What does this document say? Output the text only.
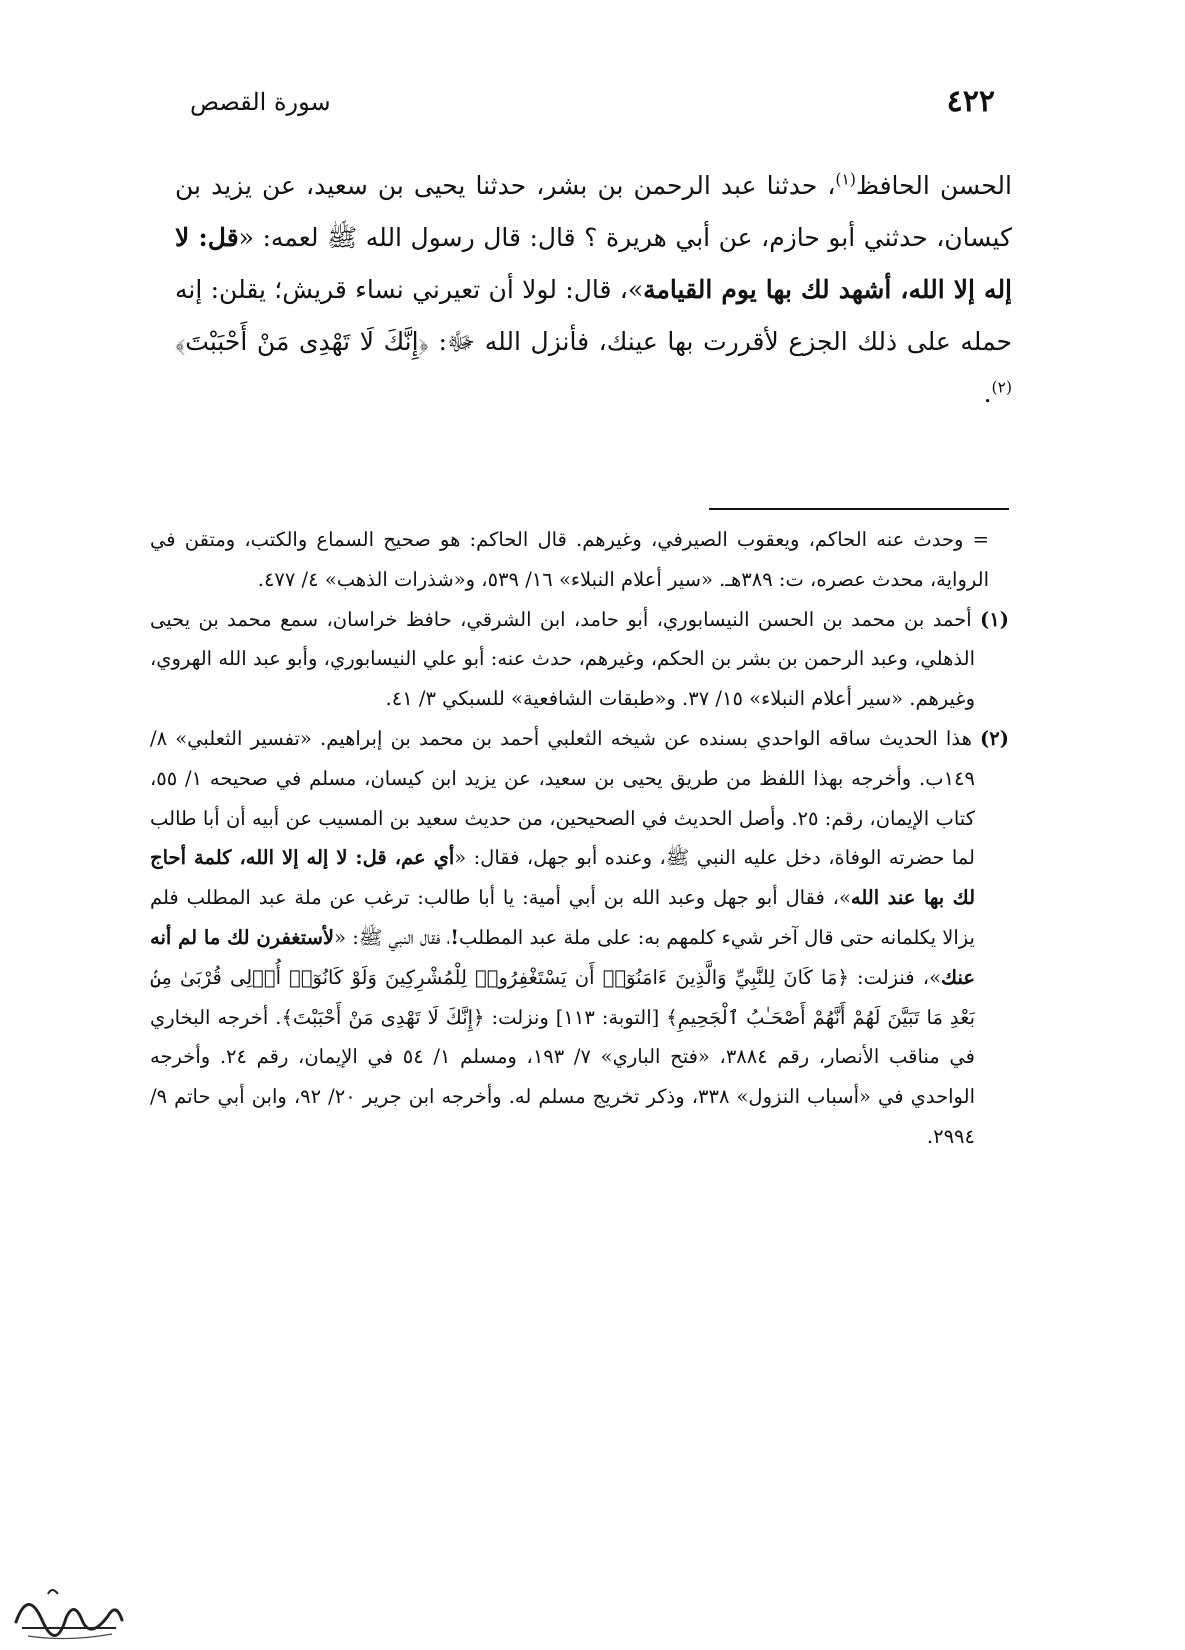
٤٢٢
سورة القصص

الحسن الحافظ$^{(١)}$، حدثنا عبد الرحمن بن بشر، حدثنا يحيى بن سعيد، عن يزيد بن كيسان، حدثني أبو حازم، عن أبي هريرة ؟ قال: قال رسول الله ﷺ لعمه: «قل: لا إله إلا الله، أشهد لك بها يوم القيامة»، قال: لولا أن تعيرني نساء قريش؛ يقلن: إنه حمله على ذلك الجزع لأقررت بها عينك، فأنزل الله ﷻ: ﴿إِنَّكَ لَا تَهْدِى مَنْ أَحْبَبْتَ﴾$^{(٢)}$.

= وحدث عنه الحاكم، ويعقوب الصيرفي، وغيرهم. قال الحاكم: هو صحيح السماع والكتب، ومتقن في الرواية، محدث عصره، ت: ٣٨٩هـ. «سير أعلام النبلاء» ١٦/ ٥٣٩، و«شذرات الذهب» ٤/ ٤٧٧.

(١) أحمد بن محمد بن الحسن النيسابوري، أبو حامد، ابن الشرقي، حافظ خراسان، سمع محمد بن يحيى الذهلي، وعبد الرحمن بن بشر بن الحكم، وغيرهم، حدث عنه: أبو علي النيسابوري، وأبو عبد الله الهروي، وغيرهم. «سير أعلام النبلاء» ١٥/ ٣٧. و«طبقات الشافعية» للسبكي ٣/ ٤١.

(٢) هذا الحديث ساقه الواحدي بسنده عن شيخه الثعلبي أحمد بن محمد بن إبراهيم. «تفسير الثعلبي» ٨/ ١٤٩ب. وأخرجه بهذا اللفظ من طريق يحيى بن سعيد، عن يزيد ابن كيسان، مسلم في صحيحه ١/ ٥٥، كتاب الإيمان، رقم: ٢٥. وأصل الحديث في الصحيحين، من حديث سعيد بن المسيب عن أبيه أن أبا طالب لما حضرته الوفاة، دخل عليه النبي ﷺ، وعنده أبو جهل، فقال: «أي عم، قل: لا إله إلا الله، كلمة أحاج لك بها عند الله»، فقال أبو جهل وعبد الله بن أبي أمية: يا أبا طالب: ترغب عن ملة عبد المطلب فلم يزالا يكلمانه حتى قال آخر شيء كلمهم به: على ملة عبد المطلب!، فقال النبي ﷺ: «لأستغفرن لك ما لم أنه عنك»، فنزلت: ﴿مَا كَانَ لِلنَّبِيِّ وَالَّذِينَ ءَامَنُوٓا۟ أَن يَسْتَغْفِرُوا۟ لِلْمُشْرِكِينَ وَلَوْ كَانُوٓا۟ أُو۟لِى قُرْبَىٰ مِنۢ بَعْدِ مَا تَبَيَّنَ لَهُمْ أَنَّهُمْ أَصْحَـٰبُ ٱلْجَحِيمِ﴾ [التوبة: ١١٣] ونزلت: ﴿إِنَّكَ لَا تَهْدِى مَنْ أَحْبَبْتَ﴾. أخرجه البخاري في مناقب الأنصار، رقم ٣٨٨٤، «فتح الباري» ٧/ ١٩٣، ومسلم ١/ ٥٤ في الإيمان، رقم ٢٤. وأخرجه الواحدي في «أسباب النزول» ٣٣٨، وذكر تخريج مسلم له. وأخرجه ابن جرير ٢٠/ ٩٢، وابن أبي حاتم ٩/ ٢٩٩٤.
